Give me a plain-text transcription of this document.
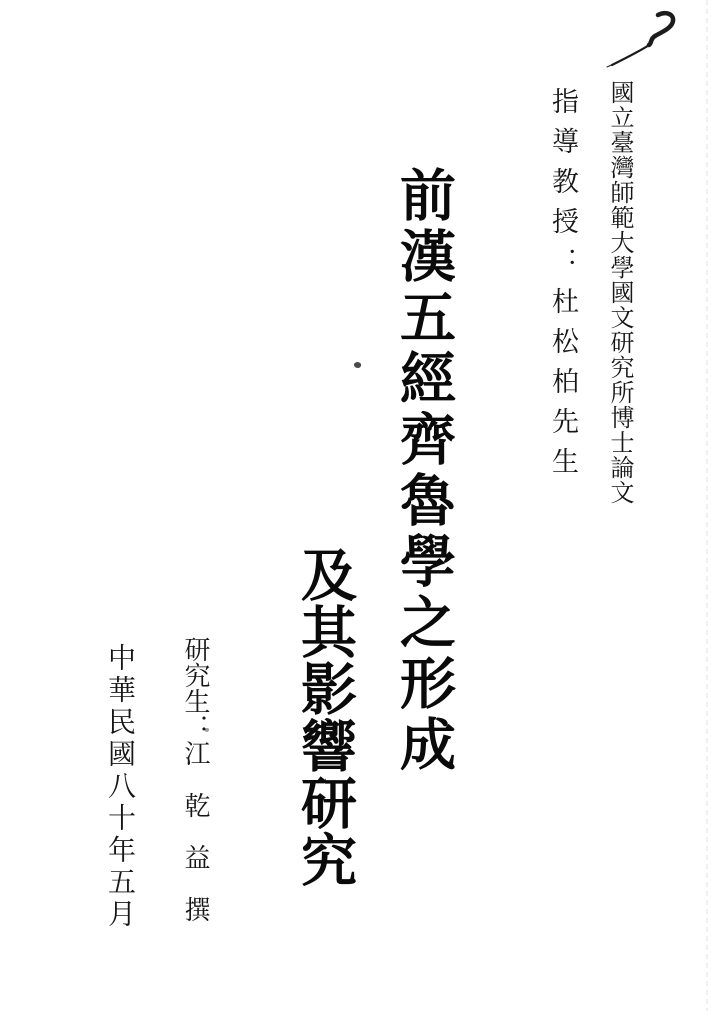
國立臺灣師範大學國文研究所博士論文
指導教授：杜松柏先生
前漢五經齊魯學之形成
及其影響研究
研究生：江　乾　益　撰
中華民國八十年五月
